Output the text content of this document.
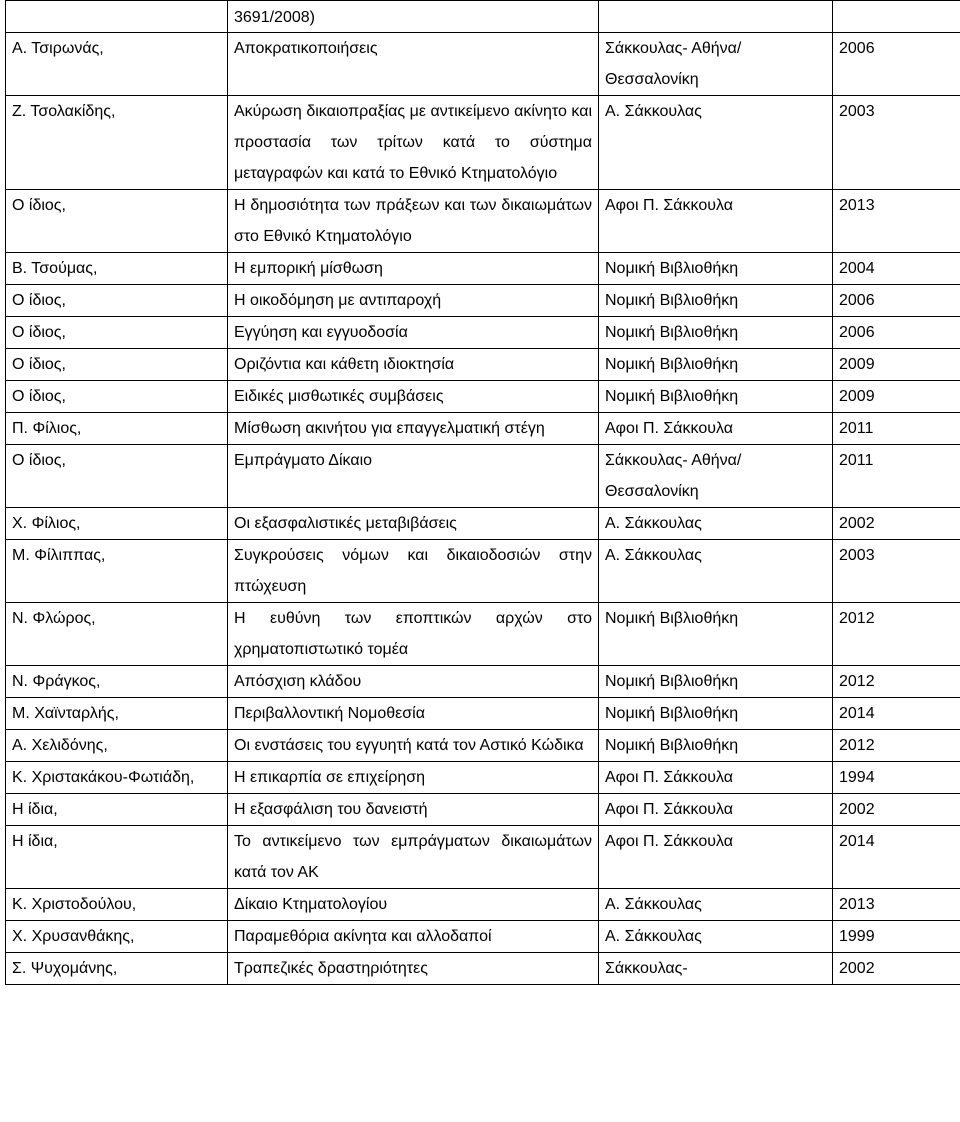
	3691/2008)		
Α. Τσιρωνάς,	Αποκρατικοποιήσεις	Σάκκουλας- Αθήνα/Θεσσαλονίκη	2006
Ζ. Τσολακίδης,	Ακύρωση δικαιοπραξίας με αντικείμενο ακίνητο και προστασία των τρίτων κατά το σύστημα μεταγραφών και κατά το Εθνικό Κτηματολόγιο	Α. Σάκκουλας	2003
Ο ίδιος,	Η δημοσιότητα των πράξεων και των δικαιωμάτων στο Εθνικό Κτηματολόγιο	Αφοι Π. Σάκκουλα	2013
Β. Τσούμας,	Η εμπορική μίσθωση	Νομική Βιβλιοθήκη	2004
Ο ίδιος,	Η οικοδόμηση με αντιπαροχή	Νομική Βιβλιοθήκη	2006
Ο ίδιος,	Εγγύηση και εγγυοδοσία	Νομική Βιβλιοθήκη	2006
Ο ίδιος,	Οριζόντια και κάθετη ιδιοκτησία	Νομική Βιβλιοθήκη	2009
Ο ίδιος,	Ειδικές μισθωτικές συμβάσεις	Νομική Βιβλιοθήκη	2009
Π. Φίλιος,	Μίσθωση ακινήτου για επαγγελματική στέγη	Αφοι Π. Σάκκουλα	2011
Ο ίδιος,	Εμπράγματο Δίκαιο	Σάκκουλας- Αθήνα/Θεσσαλονίκη	2011
Χ. Φίλιος,	Οι εξασφαλιστικές μεταβιβάσεις	Α. Σάκκουλας	2002
Μ. Φίλιππας,	Συγκρούσεις νόμων και δικαιοδοσιών στην πτώχευση	Α. Σάκκουλας	2003
Ν. Φλώρος,	Η ευθύνη των εποπτικών αρχών στο χρηματοπιστωτικό τομέα	Νομική Βιβλιοθήκη	2012
Ν. Φράγκος,	Απόσχιση κλάδου	Νομική Βιβλιοθήκη	2012
Μ. Χαϊνταρλής,	Περιβαλλοντική Νομοθεσία	Νομική Βιβλιοθήκη	2014
Α. Χελιδόνης,	Οι ενστάσεις του εγγυητή κατά τον Αστικό Κώδικα	Νομική Βιβλιοθήκη	2012
Κ. Χριστακάκου-Φωτιάδη,	Η επικαρπία σε επιχείρηση	Αφοι Π. Σάκκουλα	1994
Η ίδια,	Η εξασφάλιση του δανειστή	Αφοι Π. Σάκκουλα	2002
Η ίδια,	Το αντικείμενο των εμπράγματων δικαιωμάτων κατά τον ΑΚ	Αφοι Π. Σάκκουλα	2014
Κ. Χριστοδούλου,	Δίκαιο Κτηματολογίου	Α. Σάκκουλας	2013
Χ. Χρυσανθάκης,	Παραμεθόρια ακίνητα και αλλοδαποί	Α. Σάκκουλας	1999
Σ. Ψυχομάνης,	Τραπεζικές δραστηριότητες	Σάκκουλας-	2002
